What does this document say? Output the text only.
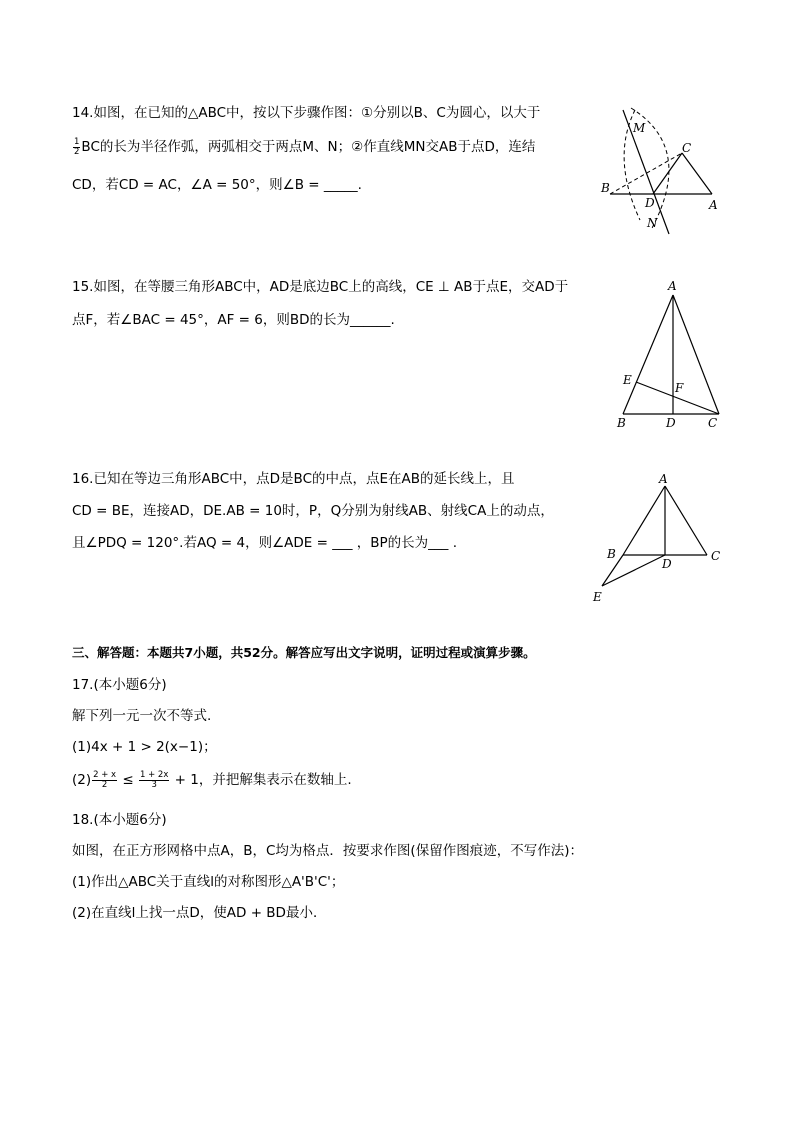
14.如图，在已知的△ABC中，按以下步骤作图：①分别以B、C为圆心，以大于
$\frac{1}{2}$ BC的长为半径作弧，两弧相交于两点M、N；②作直线MN交AB于点D，连结
CD，若CD = AC，∠A = 50°，则∠B = _____.
M
C
B
D	A
N
15.如图，在等腰三角形ABC中，AD是底边BC上的高线，CE ⊥ AB于点E，交AD于
点F，若∠BAC = 45°，AF = 6，则BD的长为______.
A
E
F
B	D	C
16.已知在等边三角形ABC中，点D是BC的中点，点E在AB的延长线上，且
CD = BE，连接AD，DE.AB = 10时，P，Q分别为射线AB、射线CA上的动点，
且∠PDQ = 120°.若AQ = 4，则∠ADE = ___ ，BP的长为___ .
A
B	C
D
E
三、解答题：本题共7小题，共52分。解答应写出文字说明，证明过程或演算步骤。
17.(本小题6分)
解下列一元一次不等式.
(1)4x + 1 > 2(x−1)；
$(2) \frac{2 + x}{2} \le \frac{1 + 2x}{3} + 1$，并把解集表示在数轴上.
18.(本小题6分)
如图，在正方形网格中点A，B，C均为格点．按要求作图(保留作图痕迹，不写作法)：
(1)作出△ABC关于直线l的对称图形△A'B'C'；
(2)在直线l上找一点D，使AD + BD最小．
